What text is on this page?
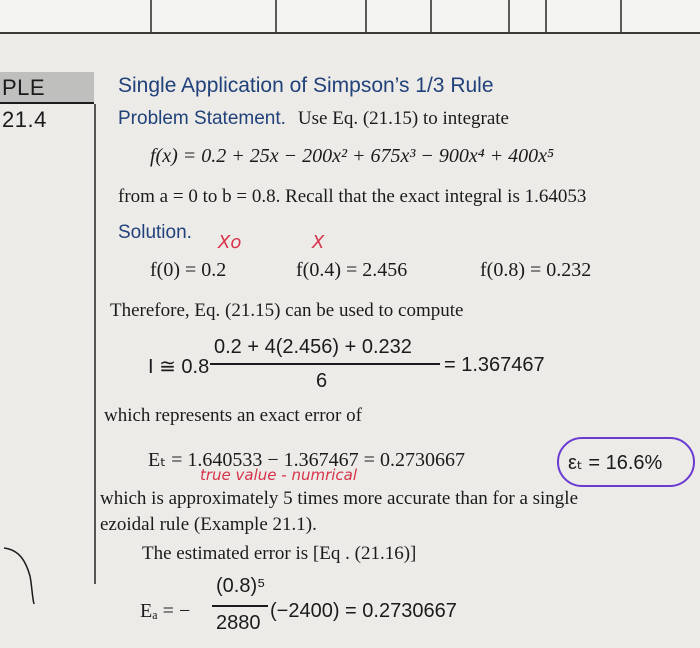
PLE 21.4
Single Application of Simpson’s 1/3 Rule
Problem Statement. Use Eq. (21.15) to integrate
f(x) = 0.2 + 25x − 200x² + 675x³ − 900x⁴ + 400x⁵
from a = 0 to b = 0.8. Recall that the exact integral is 1.64053
Solution. Xo	X
f(0) = 0.2	f(0.4) = 2.456	f(0.8) = 0.232
Therefore, Eq. (21.15) can be used to compute
I ≅ 0.8
0.2 + 4(2.456) + 0.232
6
= 1.367467
which represents an exact error of
Eₜ = 1.640533 − 1.367467 = 0.2730667
true value - numrical
εₜ = 16.6%
which is approximately 5 times more accurate than for a single
ezoidal rule (Example 21.1).
The estimated error is [Eq . (21.16)]
Eₐ = −
(0.8)⁵
2880
(−2400) = 0.2730667
